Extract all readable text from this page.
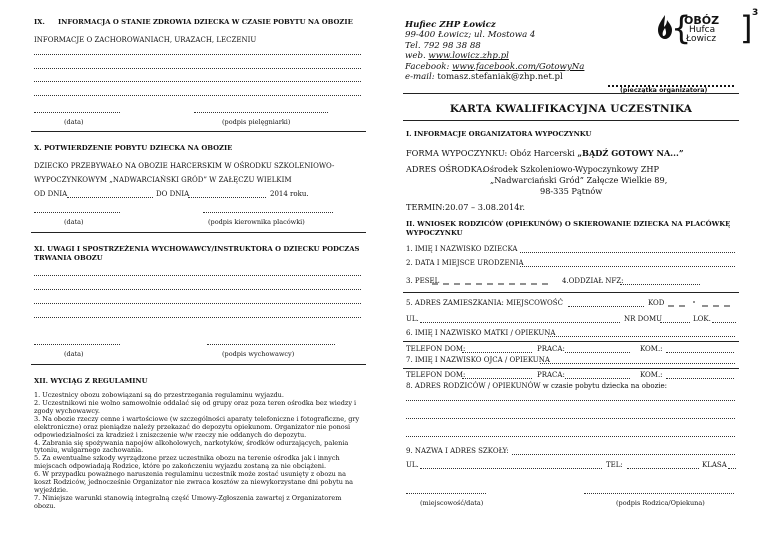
IX. INFORMACJA O STANIE ZDROWIA DZIECKA W CZASIE POBYTU NA OBOZIE
INFORMACJE O ZACHOROWANIACH, URAZACH, LECZENIU
(data)	(podpis pielęgniarki)
X. POTWIERDZENIE POBYTU DZIECKA NA OBOZIE
DZIECKO PRZEBYWAŁO NA OBOZIE HARCERSKIM W OŚRODKU SZKOLENIOWO-
WYPOCZYNKOWYM „NADWARCIAŃSKI GRÓD” W ZAŁĘCZU WIELKIM
OD DNIA	DO DNIA	2014 roku.
(data)	(podpis kierownika placówki)
XI. UWAGI I SPOSTRZEŻENIA WYCHOWAWCY/INSTRUKTORA O DZIECKU PODCZAS
TRWANIA OBOZU
(data)	(podpis wychowawcy)
XII. WYCIĄG Z REGULAMINU
1. Uczestnicy obozu zobowiązani są do przestrzegania regulaminu wyjazdu.
2. Uczestnikowi nie wolno samowolnie oddalać się od grupy oraz poza teren ośrodka bez wiedzy i zgody wychowawcy.
3. Na obozie rzeczy cenne i wartościowe (w szczególności aparaty telefoniczne i fotograficzne, gry elektroniczne) oraz pieniądze należy przekazać do depozytu opiekunom. Organizator nie ponosi odpowiedzialności za kradzież i zniszczenie w/w rzeczy nie oddanych do depozytu.
4. Zabrania się spożywania napojów alkoholowych, narkotyków, środków odurzających, palenia tytoniu, wulgarnego zachowania.
5. Za ewentualne szkody wyrządzone przez uczestnika obozu na terenie ośrodka jak i innych miejscach odpowiadają Rodzice, które po zakończeniu wyjazdu zostaną za nie obciążeni.
6. W przypadku poważnego naruszenia regulaminu uczestnik może zostać usunięty z obozu na koszt Rodziców, jednocześnie Organizator nie zwraca kosztów za niewykorzystane dni pobytu na wyjeździe.
7. Niniejsze warunki stanowią integralną część Umowy-Zgłoszenia zawartej z Organizatorem obozu.
Hufiec ZHP Łowicz
99-400 Łowicz; ul. Mostowa 4
Tel. 792 98 38 88
web. www.lowicz.zhp.pl
Facebook: www.facebook.com/GotowyNa
e-mail: tomasz.stefaniak@zhp.net.pl
{
OBÓZ
Hufca
Łowicz ] 3
(pieczątka organizatora)
KARTA KWALIFIKACYJNA UCZESTNIKA
I. INFORMACJE ORGANIZATORA WYPOCZYNKU
FORMA WYPOCZYNKU: Obóz Harcerski „BĄDŹ GOTOWY NA...”
ADRES OŚRODKA:
Ośrodek Szkoleniowo-Wypoczynkowy ZHP
„Nadwarciański Gród” Załęcze Wielkie 89,
98-335 Pątnów
TERMIN: 20.07 – 3.08.2014r.
II. WNIOSEK RODZICÓW (OPIEKUNÓW) O SKIEROWANIE DZIECKA NA PLACÓWKĘ
WYPOCZYNKU
1. IMIĘ I NAZWISKO DZIECKA
2. DATA I MIEJSCE URODZENIA
3. PESEL	4.ODDZIAŁ NFZ:
5. ADRES ZAMIESZKANIA: MIEJSCOWOŚĆ	KOD
UL.	NR DOMU	LOK.
6. IMIĘ I NAZWISKO MATKI / OPIEKUNA
TELEFON DOM:	PRACA:	KOM.:
7. IMIĘ I NAZWISKO OJCA / OPIEKUNA
TELEFON DOM:	PRACA:	KOM.:
8. ADRES RODZICÓW / OPIEKUNÓW w czasie pobytu dziecka na obozie:
9. NAZWA I ADRES SZKOŁY:
UL.	TEL:	KLASA
(miejscowość/data)	(podpis Rodzica/Opiekuna)
